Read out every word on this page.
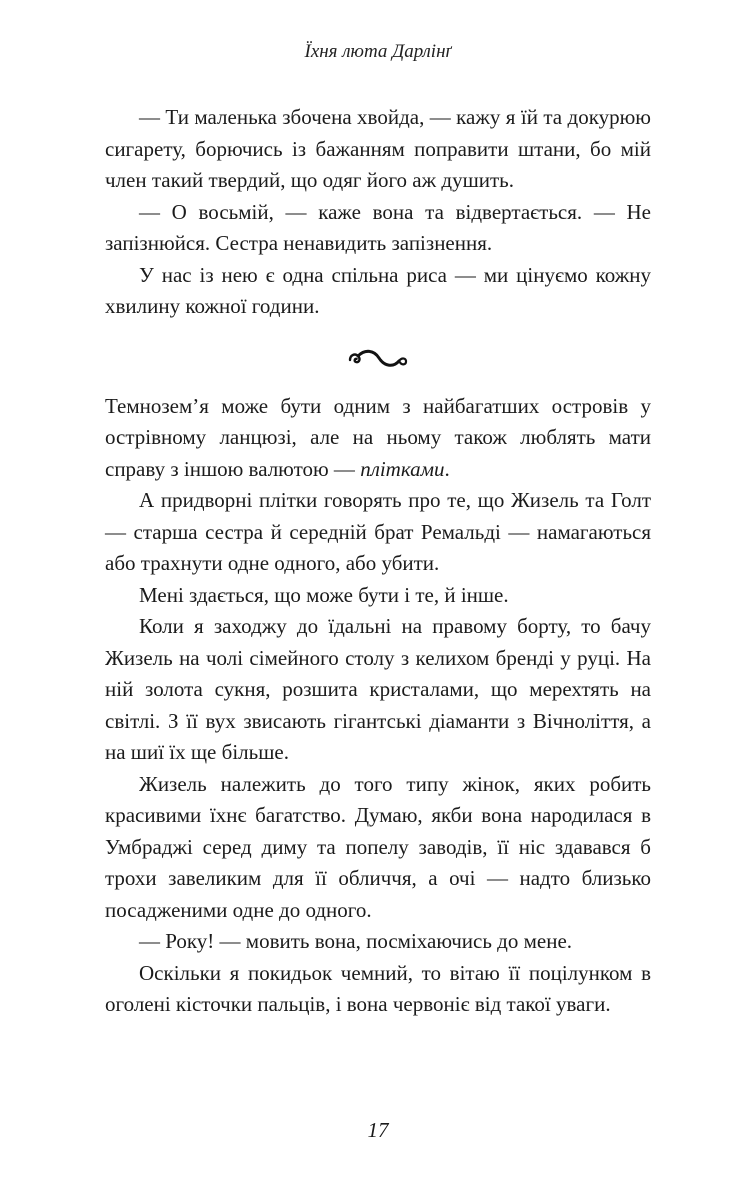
Їхня люта Дарлінґ

— Ти маленька збочена хвойда, — кажу я їй та докурюю сигарету, борючись із бажанням поправити штани, бо мій член такий твердий, що одяг його аж душить.

— О восьмій, — каже вона та відвертається. — Не запізнюйся. Сестра ненавидить запізнення.

У нас із нею є одна спільна риса — ми цінуємо кожну хвилину кожної години.

Темнозем’я може бути одним з найбагатших островів у острівному ланцюзі, але на ньому також люблять мати справу з іншою валютою — плітками.

А придворні плітки говорять про те, що Жизель та Голт — старша сестра й середній брат Ремальді — намагаються або трахнути одне одного, або убити.

Мені здається, що може бути і те, й інше.

Коли я заходжу до їдальні на правому борту, то бачу Жизель на чолі сімейного столу з келихом бренді у руці. На ній золота сукня, розшита кристалами, що мерехтять на світлі. З її вух звисають гігантські діаманти з Вічноліття, а на шиї їх ще більше.

Жизель належить до того типу жінок, яких робить красивими їхнє багатство. Думаю, якби вона народилася в Умбраджі серед диму та попелу заводів, її ніс здавався б трохи завеликим для її обличчя, а очі — надто близько посадженими одне до одного.

— Року! — мовить вона, посміхаючись до мене.

Оскільки я покидьок чемний, то вітаю її поцілунком в оголені кісточки пальців, і вона червоніє від такої уваги.

17
